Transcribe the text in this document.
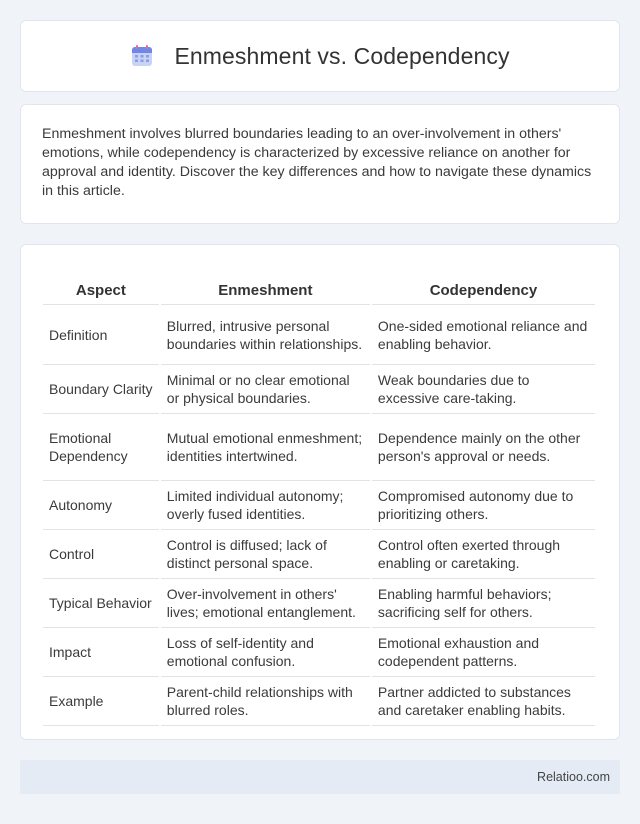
Enmeshment vs. Codependency

Enmeshment involves blurred boundaries leading to an over-involvement in others' emotions, while codependency is characterized by excessive reliance on another for approval and identity. Discover the key differences and how to navigate these dynamics in this article.

Aspect	Enmeshment	Codependency
Definition	Blurred, intrusive personal boundaries within relationships.	One-sided emotional reliance and enabling behavior.
Boundary Clarity	Minimal or no clear emotional or physical boundaries.	Weak boundaries due to excessive care-taking.
Emotional Dependency	Mutual emotional enmeshment; identities intertwined.	Dependence mainly on the other person's approval or needs.
Autonomy	Limited individual autonomy; overly fused identities.	Compromised autonomy due to prioritizing others.
Control	Control is diffused; lack of distinct personal space.	Control often exerted through enabling or caretaking.
Typical Behavior	Over-involvement in others' lives; emotional entanglement.	Enabling harmful behaviors; sacrificing self for others.
Impact	Loss of self-identity and emotional confusion.	Emotional exhaustion and codependent patterns.
Example	Parent-child relationships with blurred roles.	Partner addicted to substances and caretaker enabling habits.
Relatioo.com
